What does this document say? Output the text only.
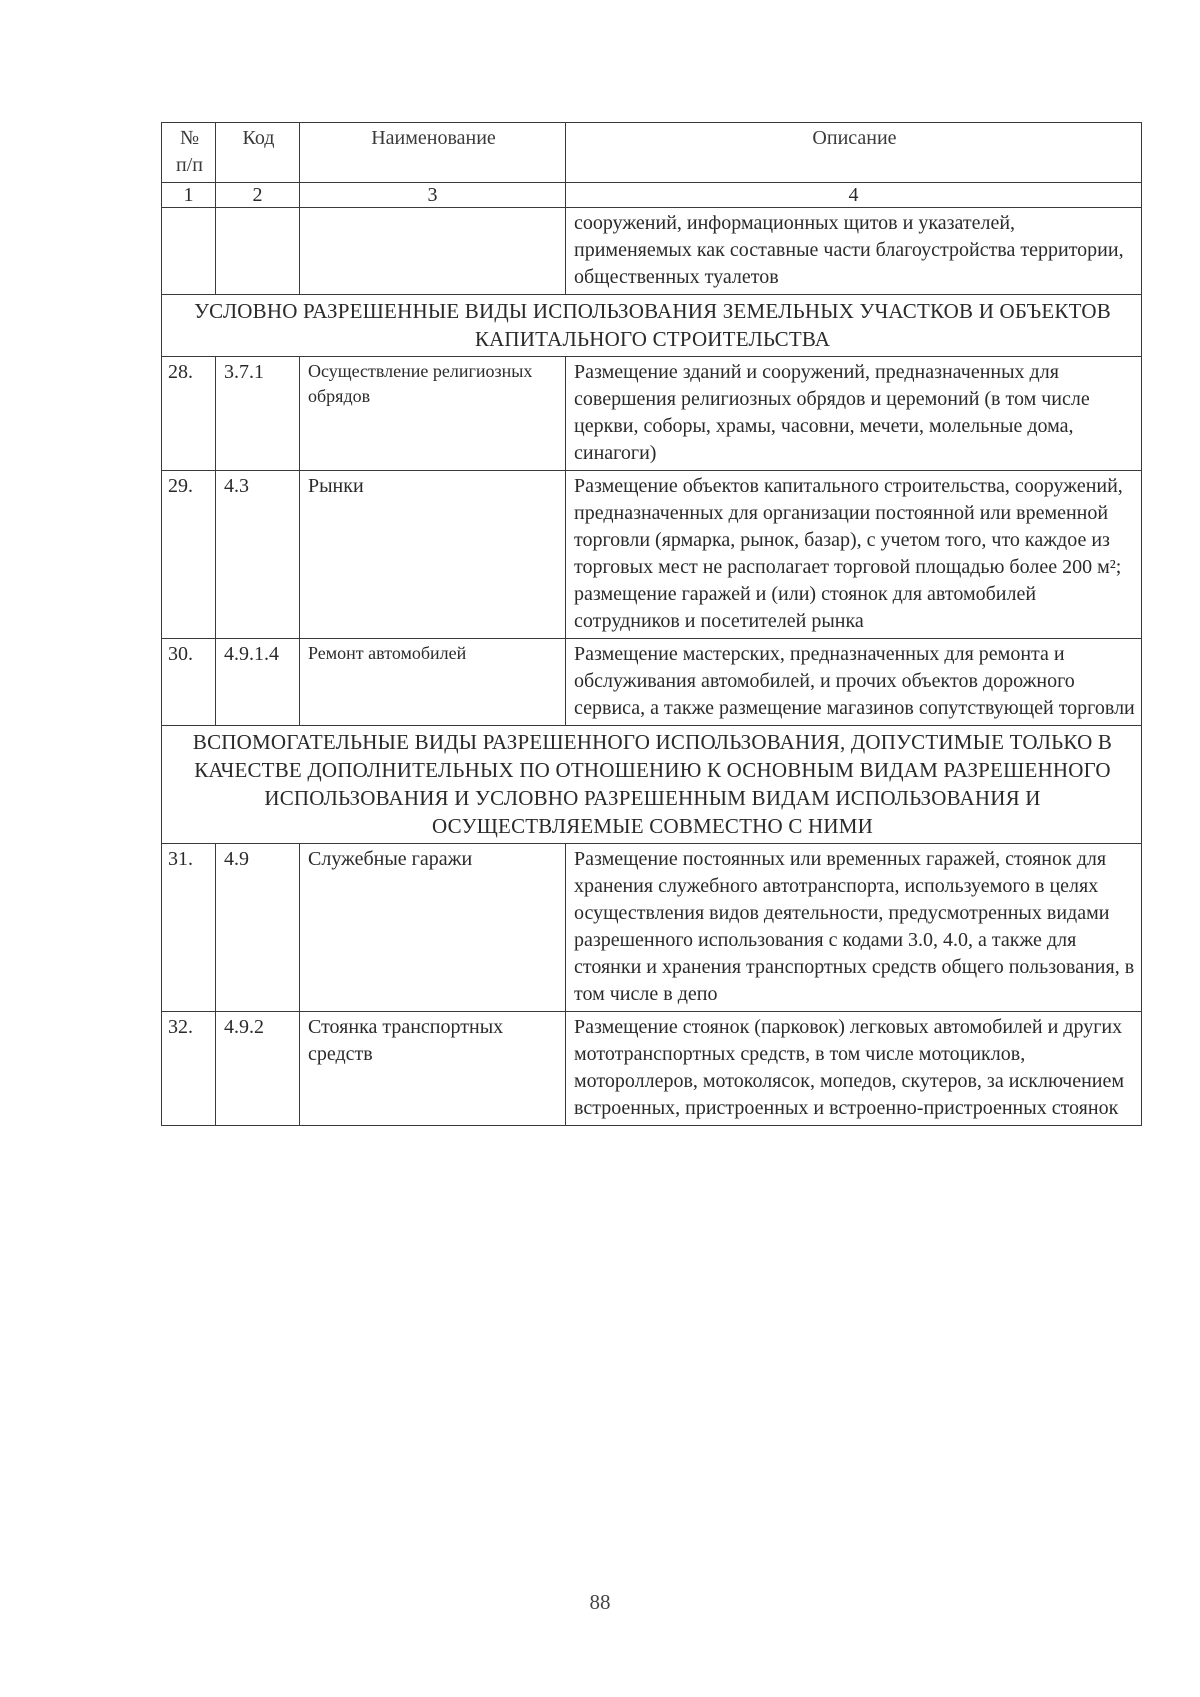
№ п/п	Код	Наименование	Описание
1	2	3	4
			сооружений, информационных щитов и указателей, применяемых как составные части благоустройства территории, общественных туалетов
УСЛОВНО РАЗРЕШЕННЫЕ ВИДЫ ИСПОЛЬЗОВАНИЯ ЗЕМЕЛЬНЫХ УЧАСТКОВ И ОБЪЕКТОВ КАПИТАЛЬНОГО СТРОИТЕЛЬСТВА			
28.	3.7.1	Осуществление религиозных обрядов	Размещение зданий и сооружений, предназначенных для совершения религиозных обрядов и церемоний (в том числе церкви, соборы, храмы, часовни, мечети, молельные дома, синагоги)
29.	4.3	Рынки	Размещение объектов капитального строительства, сооружений, предназначенных для организации постоянной или временной торговли (ярмарка, рынок, базар), с учетом того, что каждое из торговых мест не располагает торговой площадью более 200 м²; размещение гаражей и (или) стоянок для автомобилей сотрудников и посетителей рынка
30.	4.9.1.4	Ремонт автомобилей	Размещение мастерских, предназначенных для ремонта и обслуживания автомобилей, и прочих объектов дорожного сервиса, а также размещение магазинов сопутствующей торговли
ВСПОМОГАТЕЛЬНЫЕ ВИДЫ РАЗРЕШЕННОГО ИСПОЛЬЗОВАНИЯ, ДОПУСТИМЫЕ ТОЛЬКО В КАЧЕСТВЕ ДОПОЛНИТЕЛЬНЫХ ПО ОТНОШЕНИЮ К ОСНОВНЫМ ВИДАМ РАЗРЕШЕННОГО ИСПОЛЬЗОВАНИЯ И УСЛОВНО РАЗРЕШЕННЫМ ВИДАМ ИСПОЛЬЗОВАНИЯ И ОСУЩЕСТВЛЯЕМЫЕ СОВМЕСТНО С НИМИ			
31.	4.9	Служебные гаражи	Размещение постоянных или временных гаражей, стоянок для хранения служебного автотранспорта, используемого в целях осуществления видов деятельности, предусмотренных видами разрешенного использования с кодами 3.0, 4.0, а также для стоянки и хранения транспортных средств общего пользования, в том числе в депо
32.	4.9.2	Стоянка транспортных средств	Размещение стоянок (парковок) легковых автомобилей и других мототранспортных средств, в том числе мотоциклов, мотороллеров, мотоколясок, мопедов, скутеров, за исключением встроенных, пристроенных и встроенно-пристроенных стоянок
88
